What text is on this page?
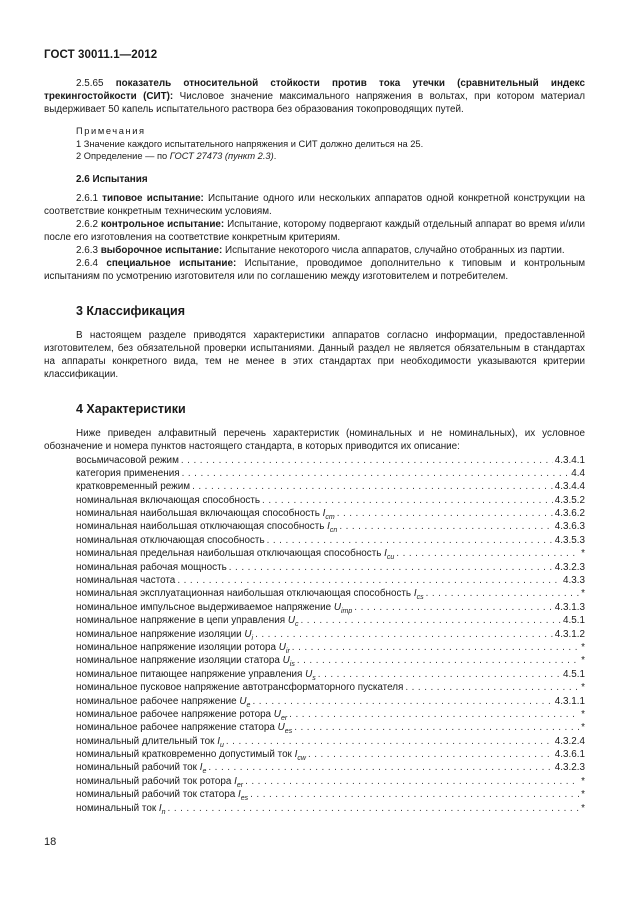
ГОСТ 30011.1—2012

2.5.65 показатель относительной стойкости против тока утечки (сравнительный индекс трекингостойкости (СИТ): Числовое значение максимального напряжения в вольтах, при котором материал выдерживает 50 капель испытательного раствора без образования токопроводящих путей.

Примечания
1 Значение каждого испытательного напряжения и СИТ должно делиться на 25.
2 Определение — по ГОСТ 27473 (пункт 2.3).
2.6 Испытания

2.6.1 типовое испытание: Испытание одного или нескольких аппаратов одной конкретной конструкции на соответствие конкретным техническим условиям.

2.6.2 контрольное испытание: Испытание, которому подвергают каждый отдельный аппарат во время и/или после его изготовления на соответствие конкретным критериям.

2.6.3 выборочное испытание: Испытание некоторого числа аппаратов, случайно отобранных из партии.

2.6.4 специальное испытание: Испытание, проводимое дополнительно к типовым и контрольным испытаниям по усмотрению изготовителя или по соглашению между изготовителем и потребителем.

3 Классификация

В настоящем разделе приводятся характеристики аппаратов согласно информации, предоставленной изготовителем, без обязательной проверки испытаниями. Данный раздел не является обязательным в стандартах на аппараты конкретного вида, тем не менее в этих стандартах при необходимости указываются критерии классификации.

4 Характеристики

Ниже приведен алфавитный перечень характеристик (номинальных и не номинальных), их условное обозначение и номера пунктов настоящего стандарта, в которых приводится их описание:

восьмичасовой режим . . .	4.3.4.1
категория применения . . .	4.4
кратковременный режим . . .	4.3.4.4
номинальная включающая способность . . .	4.3.5.2
номинальная наибольшая включающая способность $I_{cm}$ . . .	4.3.6.2
номинальная наибольшая отключающая способность $I_{cn}$ . . .	4.3.6.3
номинальная отключающая способность . . .	4.3.5.3
номинальная предельная наибольшая отключающая способность $I_{cu}$ . . .	*
номинальная рабочая мощность . . .	4.3.2.3
номинальная частота . . .	4.3.3
номинальная эксплуатационная наибольшая отключающая способность $I_{cs}$ . . .	*
номинальное импульсное выдерживаемое напряжение $U_{imp}$ . . .	4.3.1.3
номинальное напряжение в цепи управления $U_c$ . . .	4.5.1
номинальное напряжение изоляции $U_i$ . . .	4.3.1.2
номинальное напряжение изоляции ротора $U_{ir}$ . . .	*
номинальное напряжение изоляции статора $U_{is}$ . . .	*
номинальное питающее напряжение управления $U_s$ . . .	4.5.1
номинальное пусковое напряжение автотрансформаторного пускателя . . .	*
номинальное рабочее напряжение $U_e$ . . .	4.3.1.1
номинальное рабочее напряжение ротора $U_{er}$ . . .	*
номинальное рабочее напряжение статора $U_{es}$ . . .	*
номинальный длительный ток $I_u$ . . .	4.3.2.4
номинальный кратковременно допустимый ток $I_{cw}$ . . .	4.3.6.1
номинальный рабочий ток $I_e$ . . .	4.3.2.3
номинальный рабочий ток ротора $I_{er}$ . . .	*
номинальный рабочий ток статора $I_{es}$ . . .	*
номинальный ток $I_n$ . . .	*
18
